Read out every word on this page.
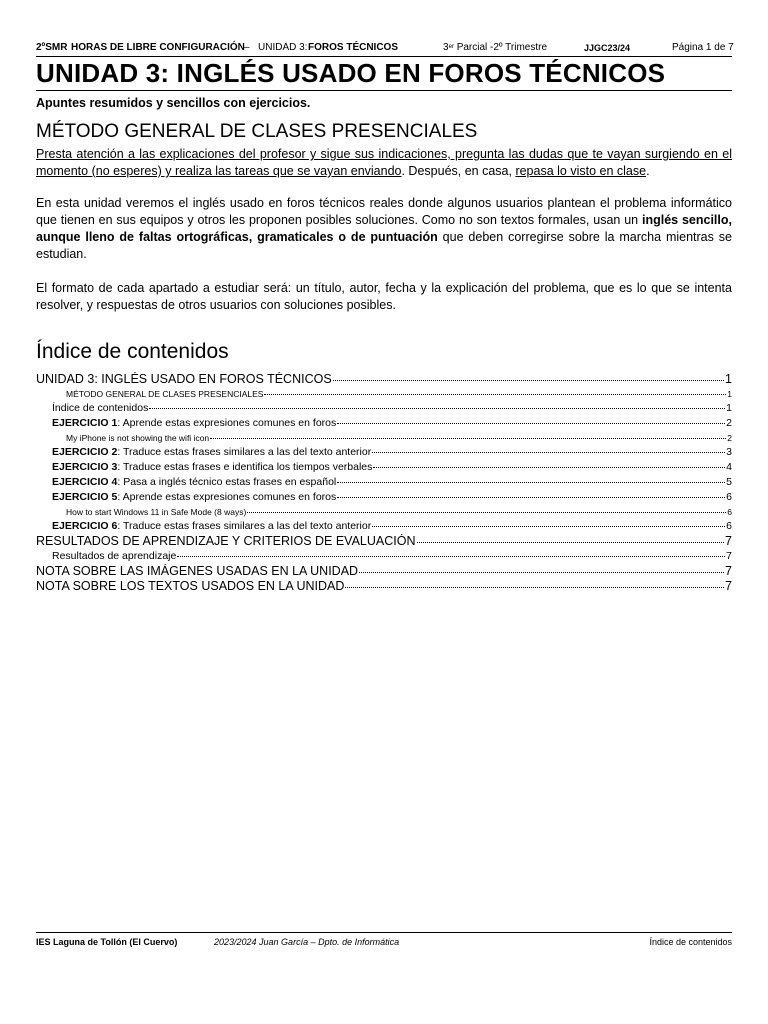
2ºSMR HORAS DE LIBRE CONFIGURACIÓN – UNIDAD 3: FOROS TÉCNICOS	3er Parcial -2º Trimestre	JJGC23/24	Página 1 de 7
UNIDAD 3: INGLÉS USADO EN FOROS TÉCNICOS
Apuntes resumidos y sencillos con ejercicios.
MÉTODO GENERAL DE CLASES PRESENCIALES
Presta atención a las explicaciones del profesor y sigue sus indicaciones, pregunta las dudas que te vayan surgiendo en el momento (no esperes) y realiza las tareas que se vayan enviando. Después, en casa, repasa lo visto en clase.
En esta unidad veremos el inglés usado en foros técnicos reales donde algunos usuarios plantean el problema informático que tienen en sus equipos y otros les proponen posibles soluciones. Como no son textos formales, usan un inglés sencillo, aunque lleno de faltas ortográficas, gramaticales o de puntuación que deben corregirse sobre la marcha mientras se estudian.
El formato de cada apartado a estudiar será: un título, autor, fecha y la explicación del problema, que es lo que se intenta resolver, y respuestas de otros usuarios con soluciones posibles.
Índice de contenidos
UNIDAD 3: INGLÉS USADO EN FOROS TÉCNICOS	1
MÉTODO GENERAL DE CLASES PRESENCIALES	1
Índice de contenidos	1
EJERCICIO 1: Aprende estas expresiones comunes en foros	2
My iPhone is not showing the wifi icon	2
EJERCICIO 2: Traduce estas frases similares a las del texto anterior	3
EJERCICIO 3: Traduce estas frases e identifica los tiempos verbales	4
EJERCICIO 4: Pasa a inglés técnico estas frases en español	5
EJERCICIO 5: Aprende estas expresiones comunes en foros	6
How to start Windows 11 in Safe Mode (8 ways)	6
EJERCICIO 6: Traduce estas frases similares a las del texto anterior	6
RESULTADOS DE APRENDIZAJE Y CRITERIOS DE EVALUACIÓN	7
Resultados de aprendizaje	7
NOTA SOBRE LAS IMÁGENES USADAS EN LA UNIDAD	7
NOTA SOBRE LOS TEXTOS USADOS EN LA UNIDAD	7
IES Laguna de Tollón (El Cuervo)	2023/2024 Juan García – Dpto. de Informática	Índice de contenidos
